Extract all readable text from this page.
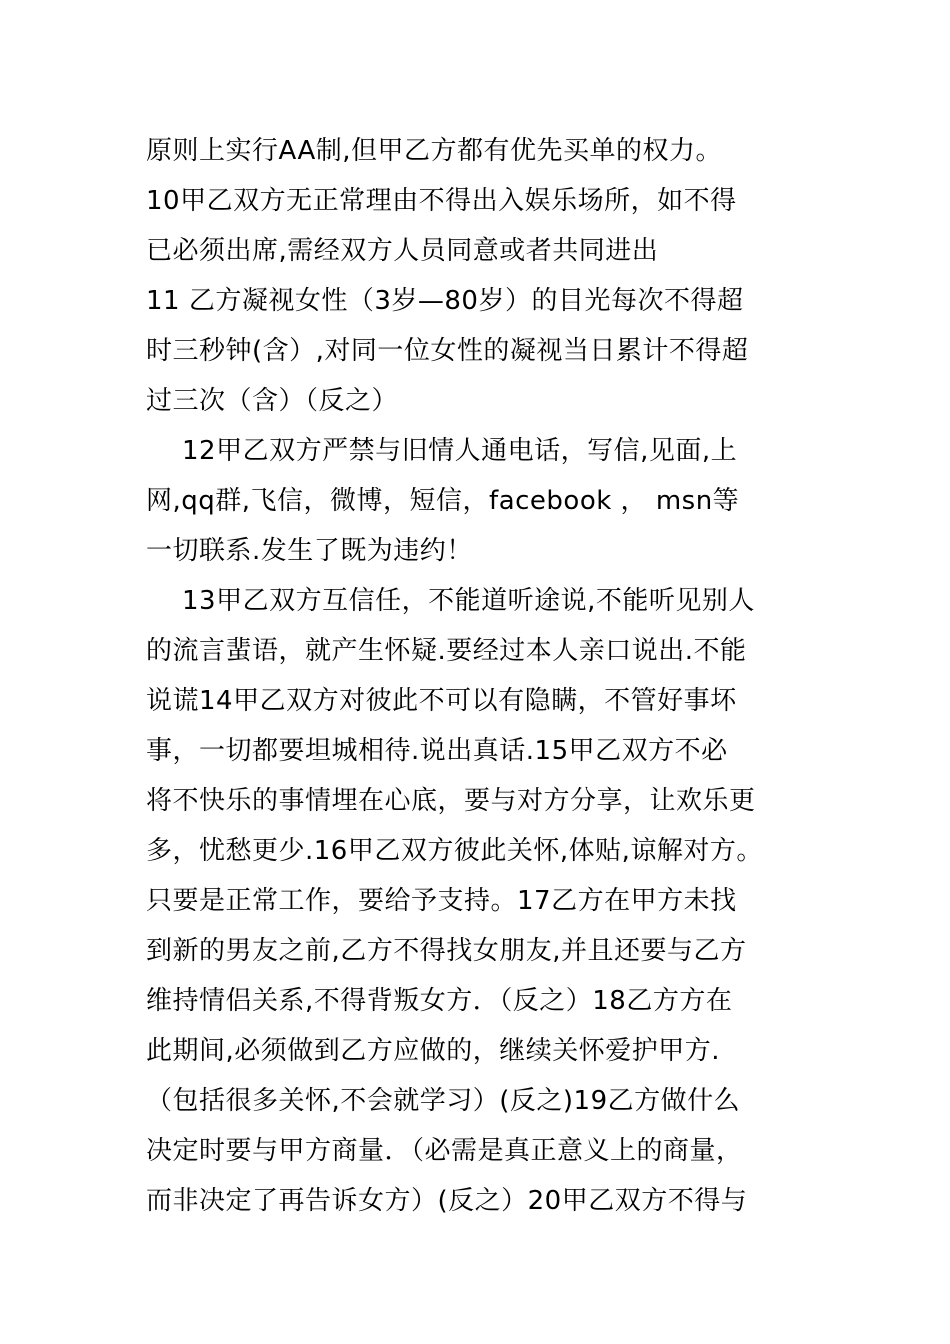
原则上实行AA制,但甲乙方都有优先买单的权力。
10甲乙双方无正常理由不得出入娱乐场所，如不得
已必须出席,需经双方人员同意或者共同进出
11 乙方凝视女性（3岁—80岁）的目光每次不得超
时三秒钟(含）,对同一位女性的凝视当日累计不得超
过三次（含）（反之）
12甲乙双方严禁与旧情人通电话，写信,见面,上
网,qq群,飞信，微博，短信，facebook ， msn等
一切联系.发生了既为违约！
13甲乙双方互信任，不能道听途说,不能听见别人
的流言蜚语，就产生怀疑.要经过本人亲口说出.不能
说谎14甲乙双方对彼此不可以有隐瞒，不管好事坏
事，一切都要坦城相待.说出真话.15甲乙双方不必
将不快乐的事情埋在心底，要与对方分享，让欢乐更
多，忧愁更少.16甲乙双方彼此关怀,体贴,谅解对方。
只要是正常工作，要给予支持。17乙方在甲方未找
到新的男友之前,乙方不得找女朋友,并且还要与乙方
维持情侣关系,不得背叛女方．（反之）18乙方方在
此期间,必须做到乙方应做的，继续关怀爱护甲方.
（包括很多关怀,不会就学习）(反之)19乙方做什么
决定时要与甲方商量．（必需是真正意义上的商量，
而非决定了再告诉女方）(反之）20甲乙双方不得与
